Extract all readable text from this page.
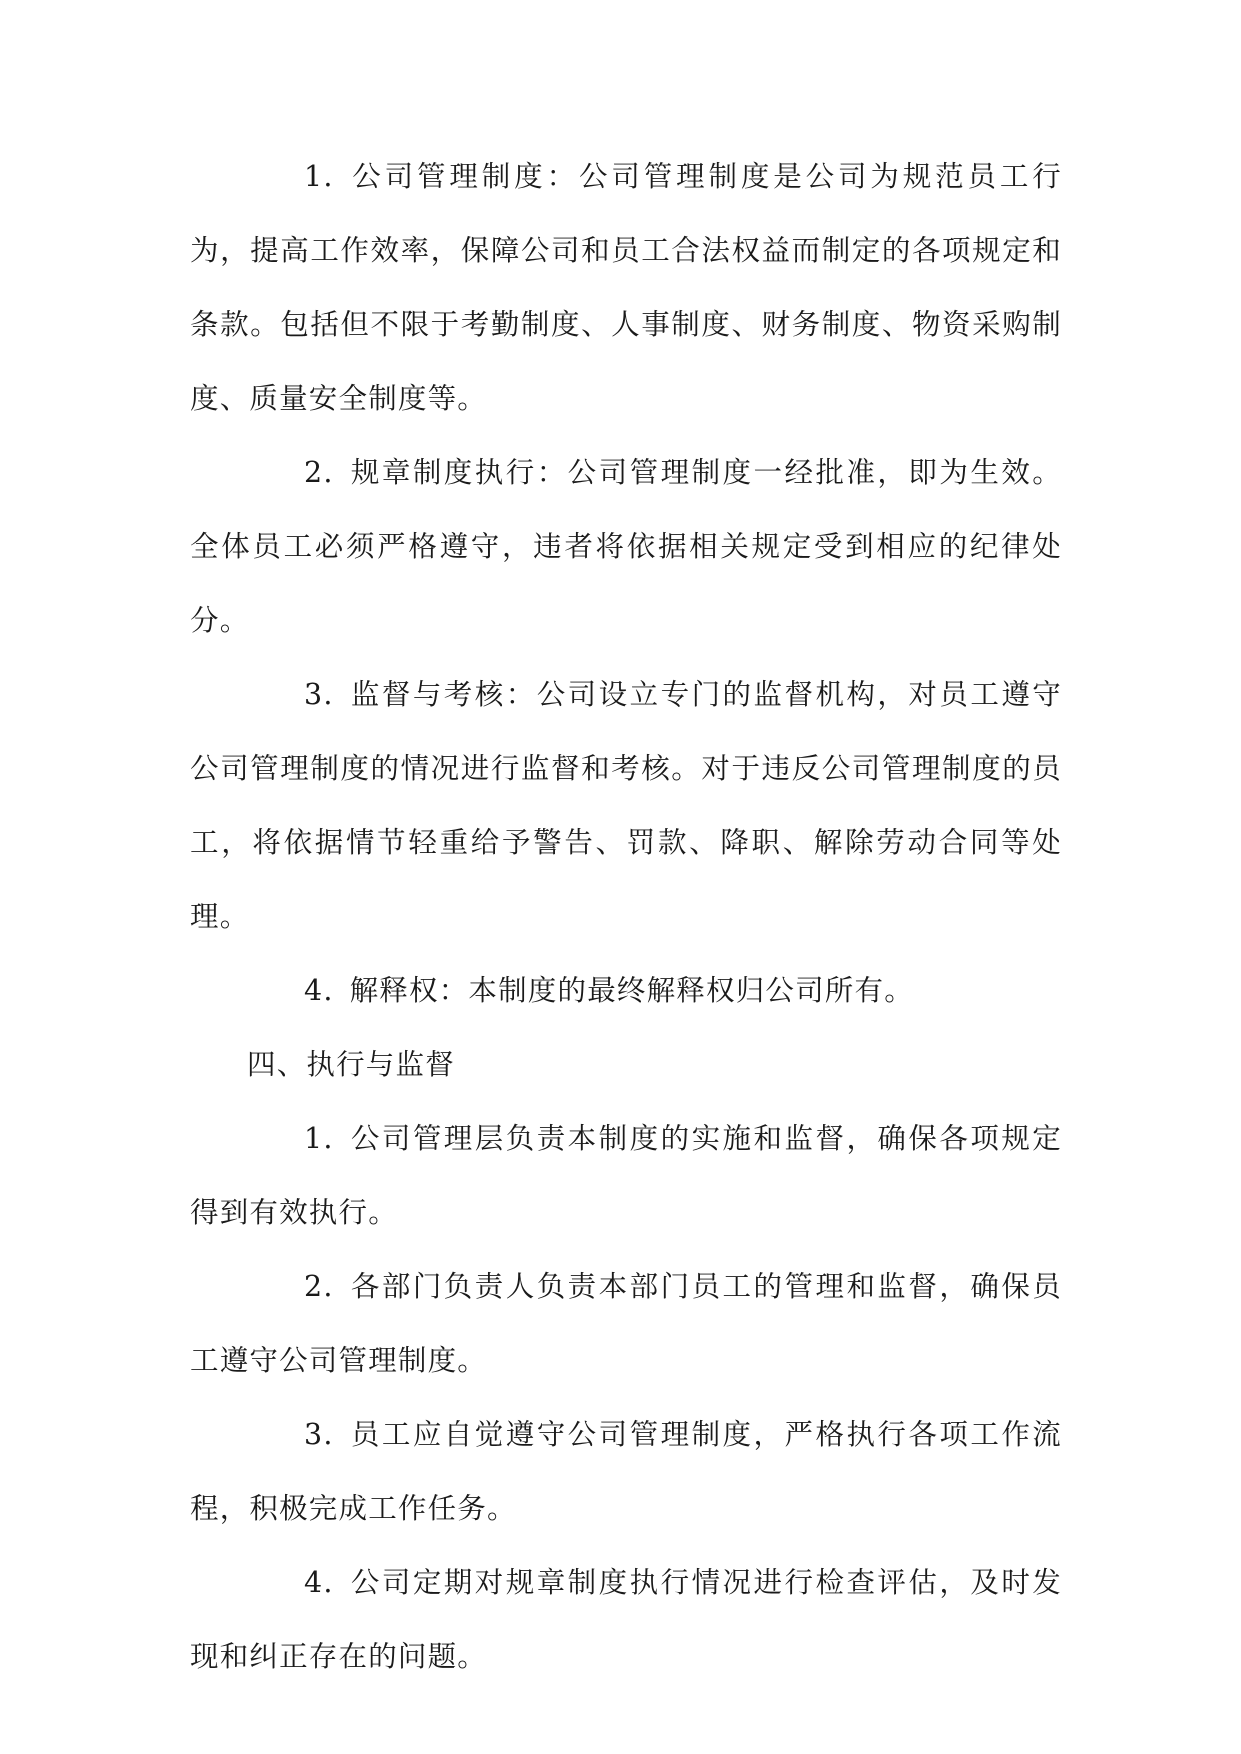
1. 公司管理制度：公司管理制度是公司为规范员工行为，提高工作效率，保障公司和员工合法权益而制定的各项规定和条款。包括但不限于考勤制度、人事制度、财务制度、物资采购制度、质量安全制度等。

2. 规章制度执行：公司管理制度一经批准，即为生效。全体员工必须严格遵守，违者将依据相关规定受到相应的纪律处分。

3. 监督与考核：公司设立专门的监督机构，对员工遵守公司管理制度的情况进行监督和考核。对于违反公司管理制度的员工，将依据情节轻重给予警告、罚款、降职、解除劳动合同等处理。

4. 解释权：本制度的最终解释权归公司所有。

四、执行与监督

1. 公司管理层负责本制度的实施和监督，确保各项规定得到有效执行。

2. 各部门负责人负责本部门员工的管理和监督，确保员工遵守公司管理制度。

3. 员工应自觉遵守公司管理制度，严格执行各项工作流程，积极完成工作任务。

4. 公司定期对规章制度执行情况进行检查评估，及时发现和纠正存在的问题。
